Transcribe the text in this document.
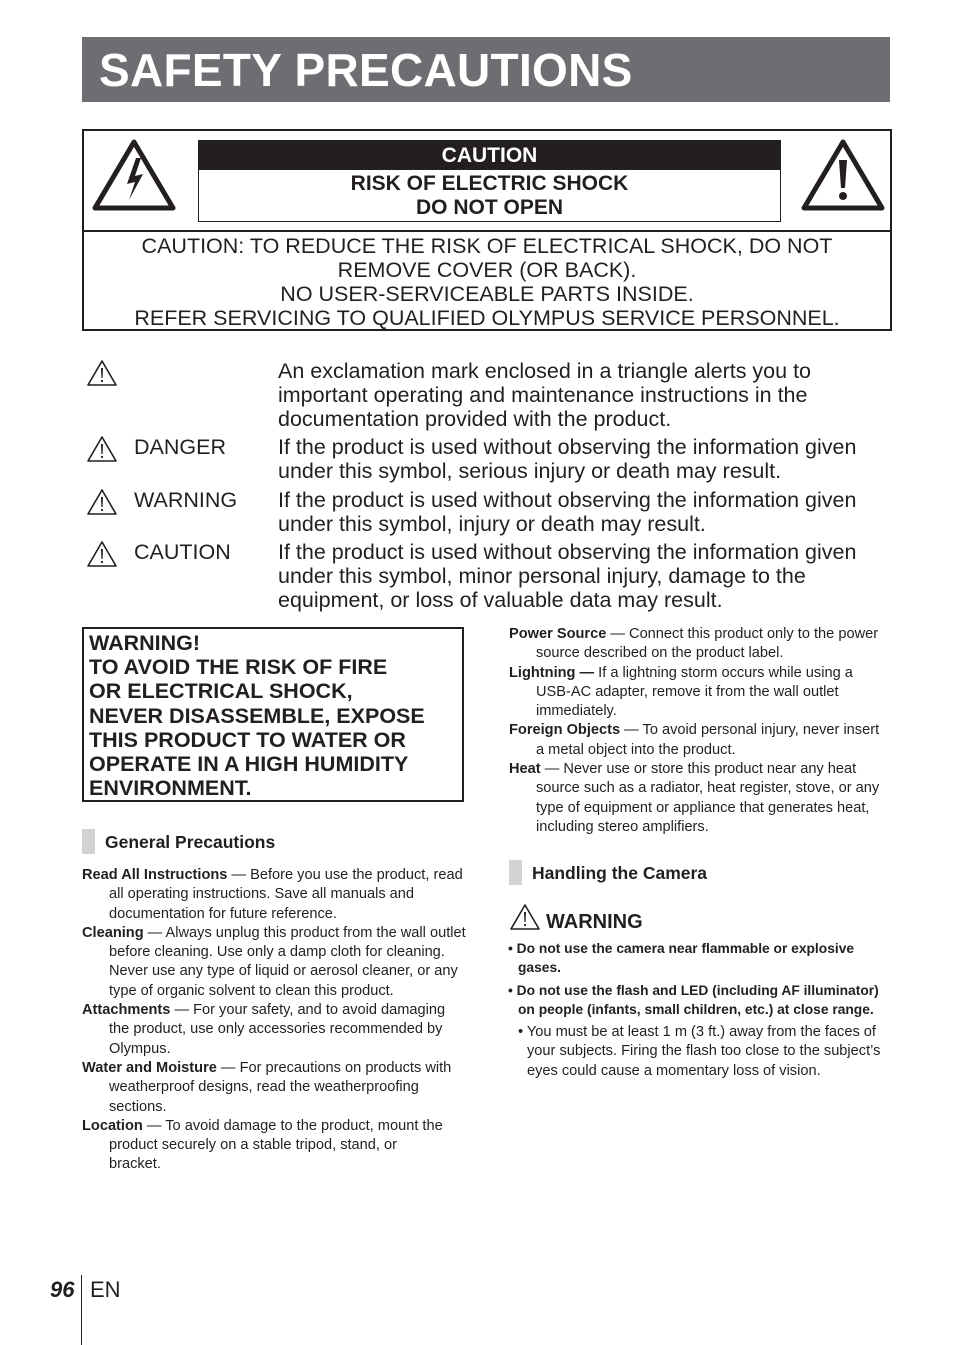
SAFETY PRECAUTIONS
CAUTION
RISK OF ELECTRIC SHOCK
DO NOT OPEN
CAUTION: TO REDUCE THE RISK OF ELECTRICAL SHOCK, DO NOT
REMOVE COVER (OR BACK).
NO USER-SERVICEABLE PARTS INSIDE.
REFER SERVICING TO QUALIFIED OLYMPUS SERVICE PERSONNEL.
An exclamation mark enclosed in a triangle alerts you to important operating and maintenance instructions in the documentation provided with the product.
DANGER If the product is used without observing the information given under this symbol, serious injury or death may result.
WARNING If the product is used without observing the information given under this symbol, injury or death may result.
CAUTION If the product is used without observing the information given under this symbol, minor personal injury, damage to the equipment, or loss of valuable data may result.
WARNING!
TO AVOID THE RISK OF FIRE
OR ELECTRICAL SHOCK,
NEVER DISASSEMBLE, EXPOSE
THIS PRODUCT TO WATER OR
OPERATE IN A HIGH HUMIDITY
ENVIRONMENT.
General Precautions

Read All Instructions — Before you use the product, read all operating instructions. Save all manuals and documentation for future reference.

Cleaning — Always unplug this product from the wall outlet before cleaning. Use only a damp cloth for cleaning. Never use any type of liquid or aerosol cleaner, or any type of organic solvent to clean this product.

Attachments — For your safety, and to avoid damaging the product, use only accessories recommended by Olympus.

Water and Moisture — For precautions on products with weatherproof designs, read the weatherproofing sections.

Location — To avoid damage to the product, mount the product securely on a stable tripod, stand, or bracket.

Power Source — Connect this product only to the power source described on the product label.

Lightning — If a lightning storm occurs while using a USB-AC adapter, remove it from the wall outlet immediately.

Foreign Objects — To avoid personal injury, never insert a metal object into the product.

Heat — Never use or store this product near any heat source such as a radiator, heat register, stove, or any type of equipment or appliance that generates heat, including stereo amplifiers.

Handling the Camera
WARNING
• Do not use the camera near flammable or explosive gases.
• Do not use the flash and LED (including AF illuminator) on people (infants, small children, etc.) at close range.
• You must be at least 1 m (3 ft.) away from the faces of your subjects. Firing the flash too close to the subject’s eyes could cause a momentary loss of vision.
96 EN
